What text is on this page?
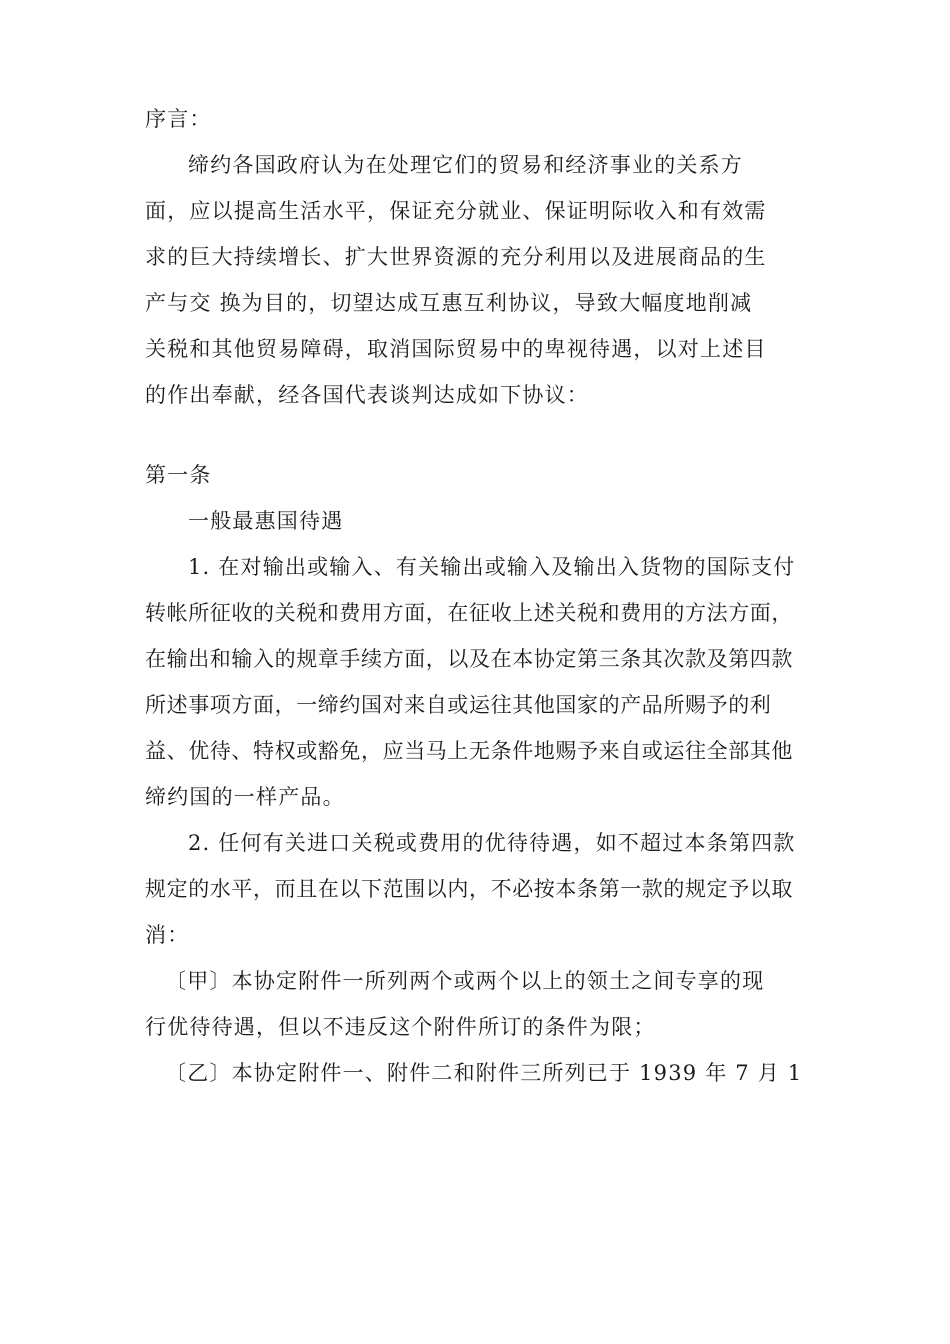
序言：
缔约各国政府认为在处理它们的贸易和经济事业的关系方
面，应以提高生活水平，保证充分就业、保证明际收入和有效需
求的巨大持续增长、扩大世界资源的充分利用以及进展商品的生
产与交 换为目的，切望达成互惠互利协议，导致大幅度地削减
关税和其他贸易障碍，取消国际贸易中的卑视待遇，以对上述目
的作出奉献，经各国代表谈判达成如下协议：
第一条
一般最惠国待遇
1. 在对输出或输入、有关输出或输入及输出入货物的国际支付
转帐所征收的关税和费用方面，在征收上述关税和费用的方法方面，
在输出和输入的规章手续方面，以及在本协定第三条其次款及第四款
所述事项方面，一缔约国对来自或运往其他国家的产品所赐予的利
益、优待、特权或豁免，应当马上无条件地赐予来自或运往全部其他
缔约国的一样产品。
2. 任何有关进口关税或费用的优待待遇，如不超过本条第四款
规定的水平，而且在以下范围以内，不必按本条第一款的规定予以取
消：
〔甲〕本协定附件一所列两个或两个以上的领土之间专享的现
行优待待遇，但以不违反这个附件所订的条件为限；
〔乙〕本协定附件一、附件二和附件三所列已于 1939 年 7 月 1
